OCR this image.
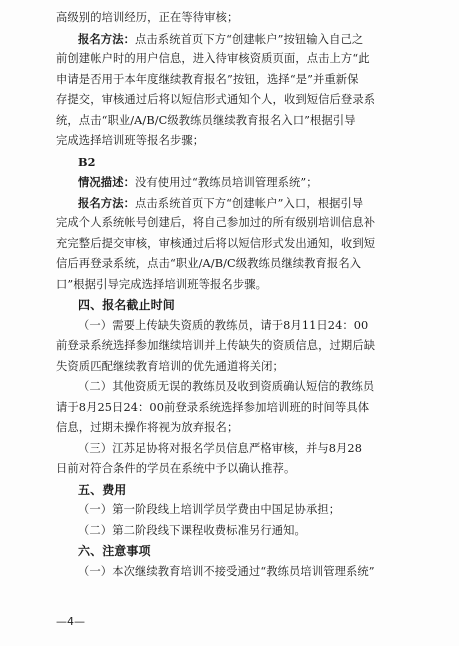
高级别的培训经历，正在等待审核；
报名方法：点击系统首页下方“创建帐户”按钮输入自己之
前创建帐户时的用户信息，进入待审核资质页面，点击上方“此
申请是否用于本年度继续教育报名”按钮，选择“是”并重新保
存提交，审核通过后将以短信形式通知个人，收到短信后登录系
统，点击“职业/A/B/C级教练员继续教育报名入口”根据引导
完成选择培训班等报名步骤；
B2
情况描述：没有使用过“教练员培训管理系统”；
报名方法：点击系统首页下方“创建帐户”入口，根据引导
完成个人系统帐号创建后，将自己参加过的所有级别培训信息补
充完整后提交审核，审核通过后将以短信形式发出通知，收到短
信后再登录系统，点击“职业/A/B/C级教练员继续教育报名入
口”根据引导完成选择培训班等报名步骤。
四、报名截止时间
（一）需要上传缺失资质的教练员，请于8月11日24：00
前登录系统选择参加继续培训并上传缺失的资质信息，过期后缺
失资质匹配继续教育培训的优先通道将关闭；
（二）其他资质无误的教练员及收到资质确认短信的教练员
请于8月25日24：00前登录系统选择参加培训班的时间等具体
信息，过期未操作将视为放弃报名；
（三）江苏足协将对报名学员信息严格审核，并与8月28
日前对符合条件的学员在系统中予以确认推荐。
五、费用
（一）第一阶段线上培训学员学费由中国足协承担；
（二）第二阶段线下课程收费标准另行通知。
六、注意事项
（一）本次继续教育培训不接受通过“教练员培训管理系统”
—4—
